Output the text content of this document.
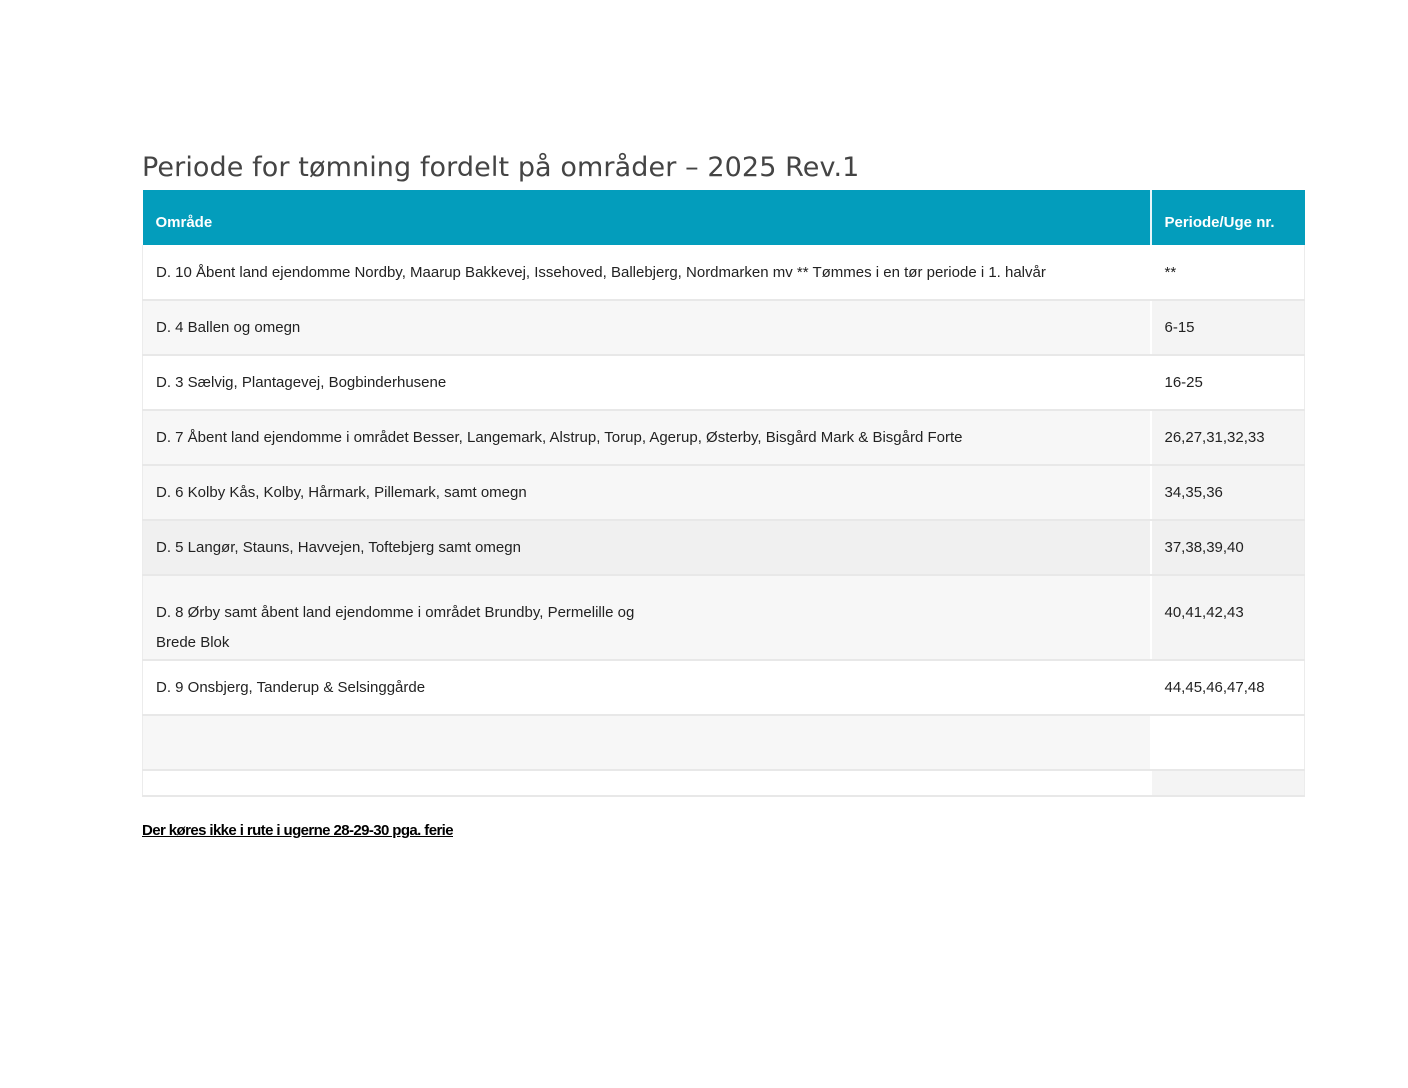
Periode for tømning fordelt på områder – 2025 Rev.1
Område	Periode/Uge nr.
D. 10 Åbent land ejendomme Nordby, Maarup Bakkevej, Issehoved, Ballebjerg, Nordmarken mv ** Tømmes i en tør periode i 1. halvår	**
D. 4 Ballen og omegn	6-15
D. 3 Sælvig, Plantagevej, Bogbinderhusene	16-25
D. 7 Åbent land ejendomme i området Besser, Langemark, Alstrup, Torup, Agerup, Østerby, Bisgård Mark & Bisgård Forte	26,27,31,32,33
D. 6 Kolby Kås, Kolby, Hårmark, Pillemark, samt omegn	34,35,36
D. 5 Langør, Stauns, Havvejen, Toftebjerg samt omegn	37,38,39,40

D. 8 Ørby samt åbent land ejendomme i området Brundby, Permelille og
Brede Blok	40,41,42,43
D. 9 Onsbjerg, Tanderup & Selsinggårde	44,45,46,47,48

Der køres ikke i rute i ugerne 28-29-30 pga. ferie
